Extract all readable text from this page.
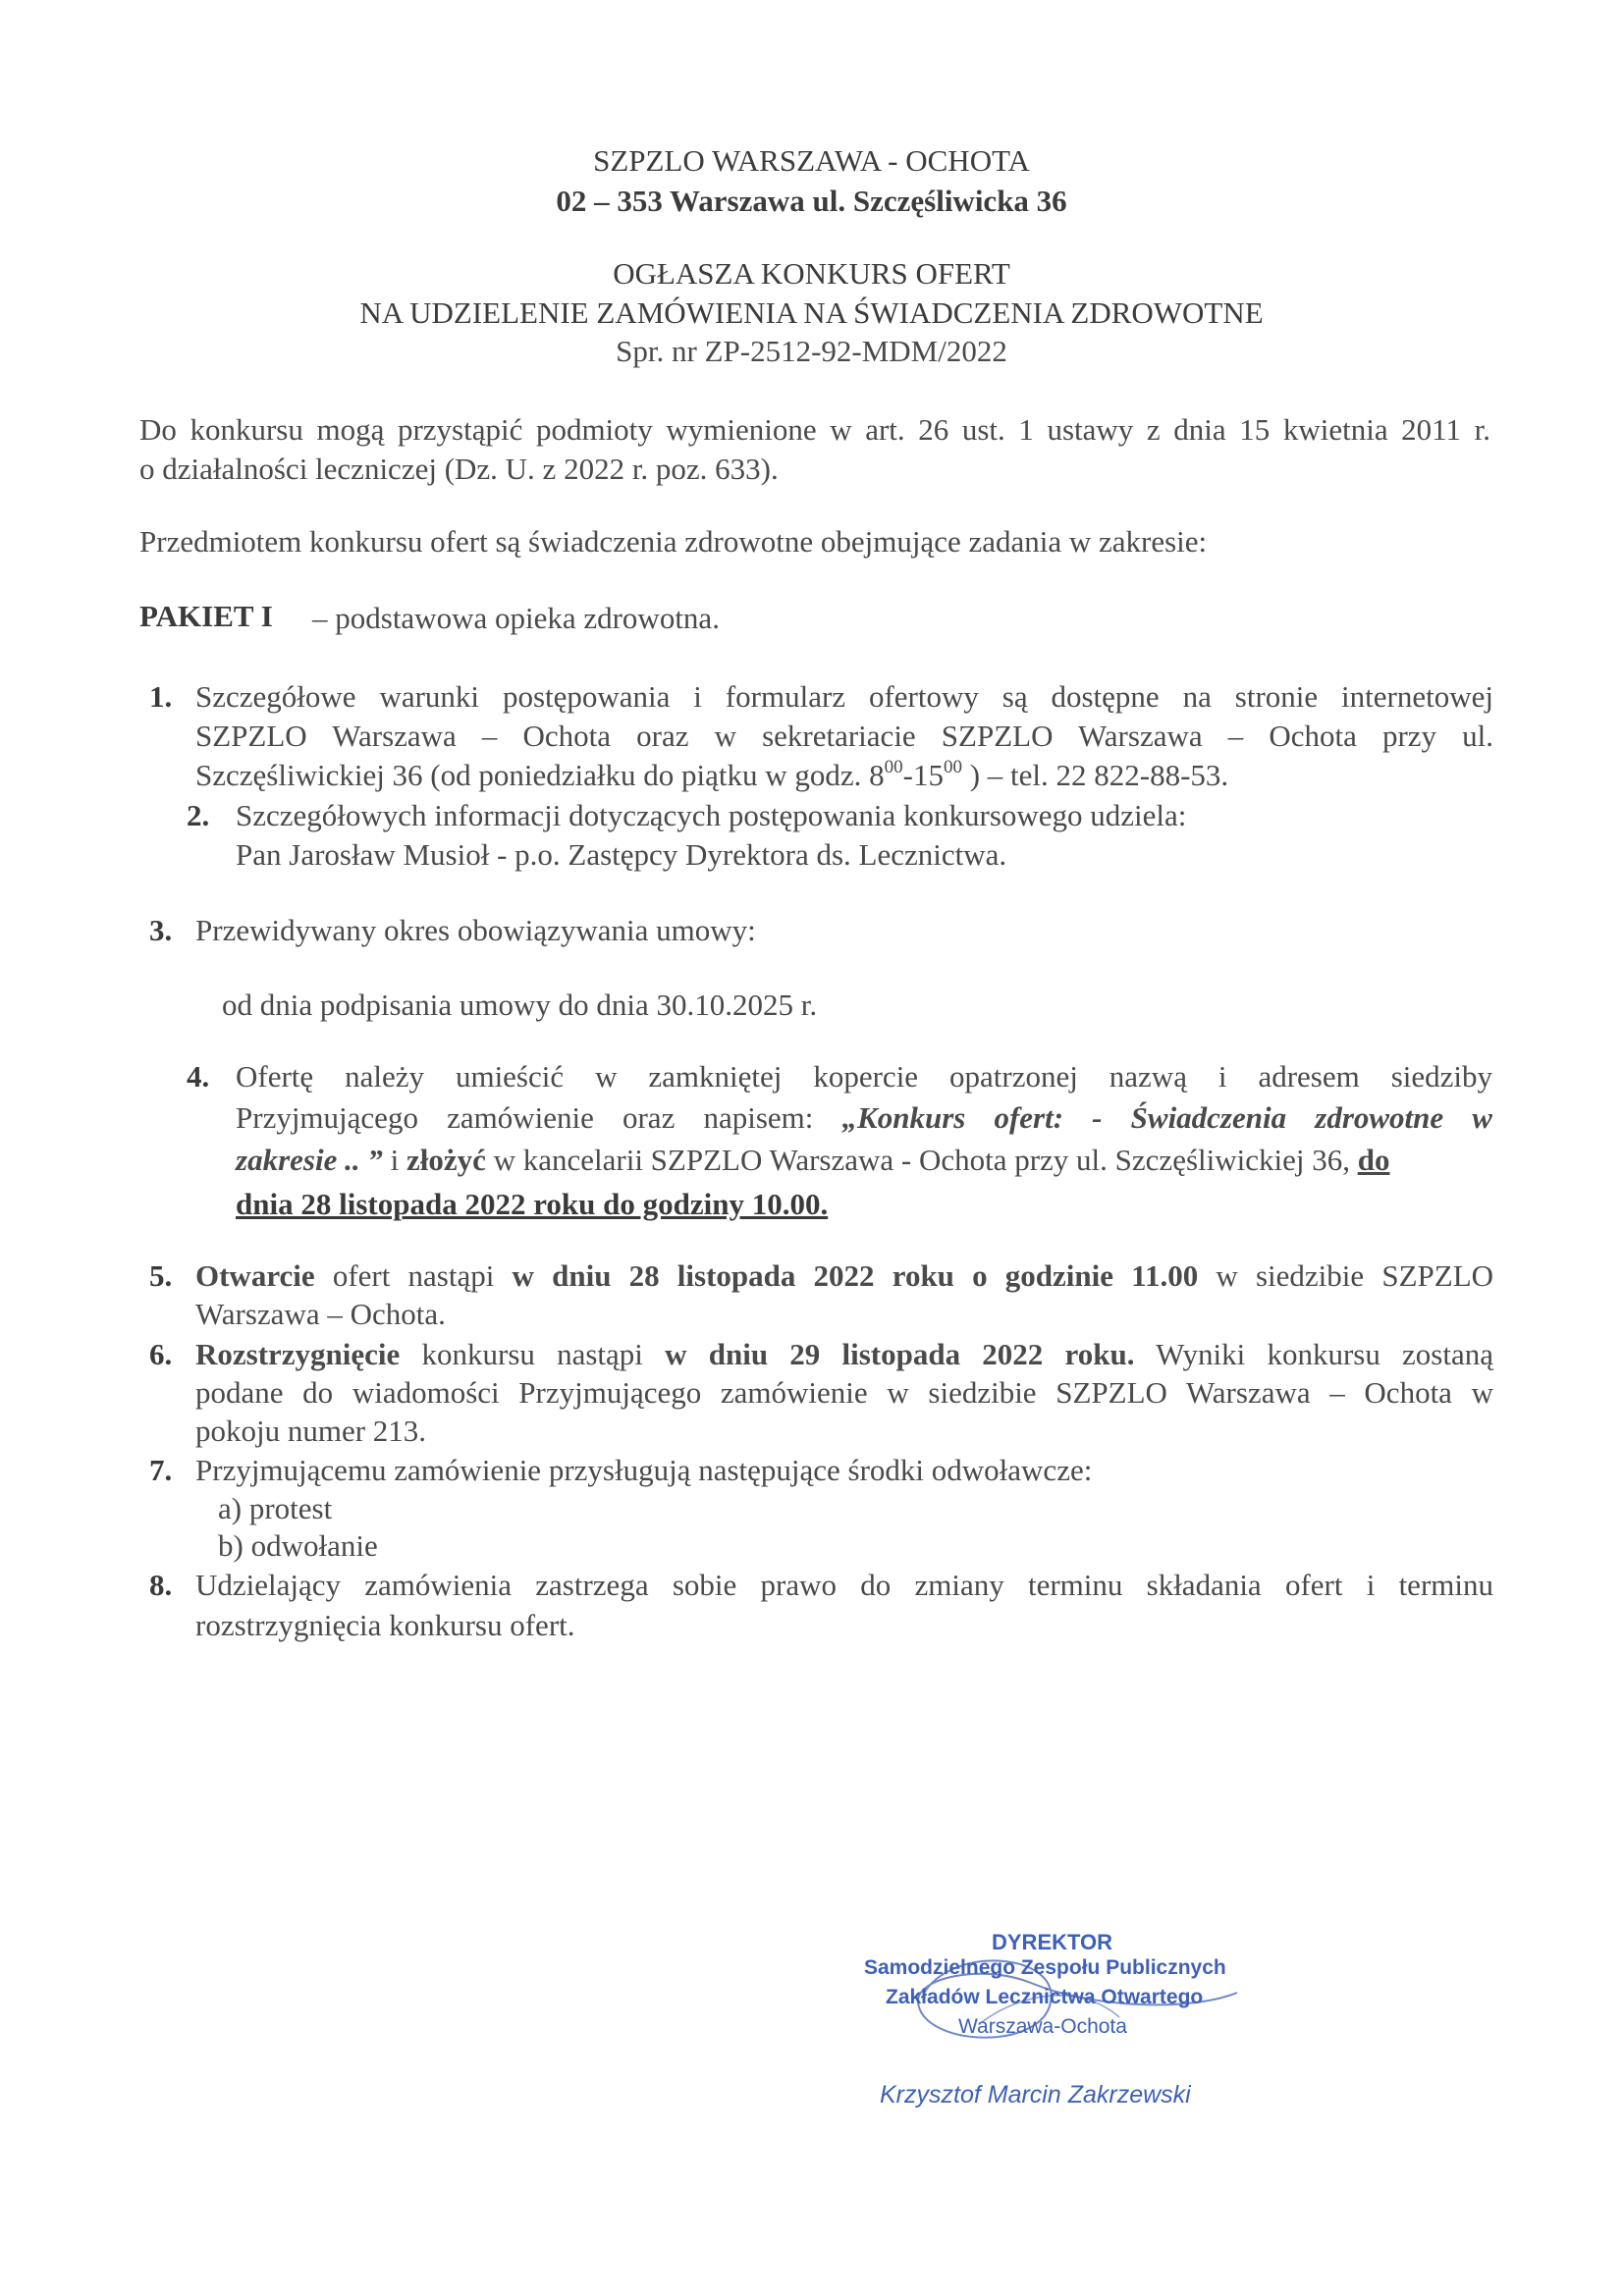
SZPZLO WARSZAWA - OCHOTA
02 – 353 Warszawa ul. Szczęśliwicka 36
OGŁASZA KONKURS OFERT
NA UDZIELENIE ZAMÓWIENIA NA ŚWIADCZENIA ZDROWOTNE
Spr. nr ZP-2512-92-MDM/2022
Do konkursu mogą przystąpić podmioty wymienione w art. 26 ust. 1 ustawy z dnia 15 kwietnia 2011 r.
o działalności leczniczej (Dz. U. z 2022 r. poz. 633).
Przedmiotem konkursu ofert są świadczenia zdrowotne obejmujące zadania w zakresie:
PAKIET I – podstawowa opieka zdrowotna.
1. Szczegółowe warunki postępowania i formularz ofertowy są dostępne na stronie internetowej
SZPZLO Warszawa – Ochota oraz w sekretariacie SZPZLO Warszawa – Ochota przy ul.
Szczęśliwickiej 36 (od poniedziałku do piątku w godz. $8^{00}-15^{00}$ ) – tel. 22 822-88-53.
2. Szczegółowych informacji dotyczących postępowania konkursowego udziela:
Pan Jarosław Musioł - p.o. Zastępcy Dyrektora ds. Lecznictwa.
3. Przewidywany okres obowiązywania umowy:
od dnia podpisania umowy do dnia 30.10.2025 r.
4. Ofertę należy umieścić w zamkniętej kopercie opatrzonej nazwą i adresem siedziby
Przyjmującego zamówienie oraz napisem: „Konkurs ofert: - Świadczenia zdrowotne w
zakresie .. ” i złożyć w kancelarii SZPZLO Warszawa - Ochota przy ul. Szczęśliwickiej 36, do
dnia 28 listopada 2022 roku do godziny 10.00.
5. Otwarcie ofert nastąpi w dniu 28 listopada 2022 roku o godzinie 11.00 w siedzibie SZPZLO
Warszawa – Ochota.
6. Rozstrzygnięcie konkursu nastąpi w dniu 29 listopada 2022 roku. Wyniki konkursu zostaną
podane do wiadomości Przyjmującego zamówienie w siedzibie SZPZLO Warszawa – Ochota w
pokoju numer 213.
7. Przyjmującemu zamówienie przysługują następujące środki odwoławcze:
a) protest
b) odwołanie
8. Udzielający zamówienia zastrzega sobie prawo do zmiany terminu składania ofert i terminu
rozstrzygnięcia konkursu ofert.
DYREKTOR
Samodzielnego Zespołu Publicznych
Zakładów Lecznictwa Otwartego
Warszawa-Ochota
Krzysztof Marcin Zakrzewski
